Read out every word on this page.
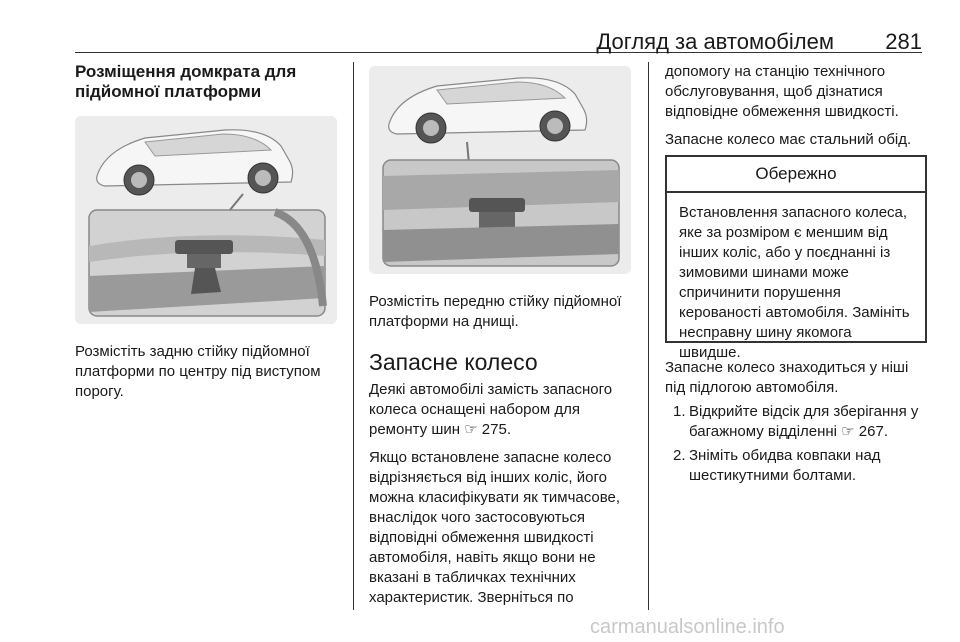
Догляд за автомобілем 281
Розміщення домкрата для підйомної платформи

Розмістіть задню стійку підйомної платформи по центру під виступом порогу.

Розмістіть передню стійку підйомної платформи на днищі.

Запасне колесо

Деякі автомобілі замість запасного колеса оснащені набором для ремонту шин ☞ 275.

Якщо встановлене запасне колесо відрізняється від інших коліс, його можна класифікувати як тимчасове, внаслідок чого застосовуються відповідні обмеження швидкості автомобіля, навіть якщо вони не вказані в табличках технічних характеристик. Зверніться по

допомогу на станцію технічного обслуговування, щоб дізнатися відповідне обмеження швидкості.

Запасне колесо має стальний обід.

Обережно
Встановлення запасного колеса, яке за розміром є меншим від інших коліс, або у поєднанні із зимовими шинами може спричинити порушення керованості автомобіля. Замініть несправну шину якомога швидше.

Запасне колесо знаходиться у ніші під підлогою автомобіля.

1. Відкрийте відсік для зберігання у багажному відділенні ☞ 267.
2. Зніміть обидва ковпаки над шестикутними болтами.
carmanualsonline.info
